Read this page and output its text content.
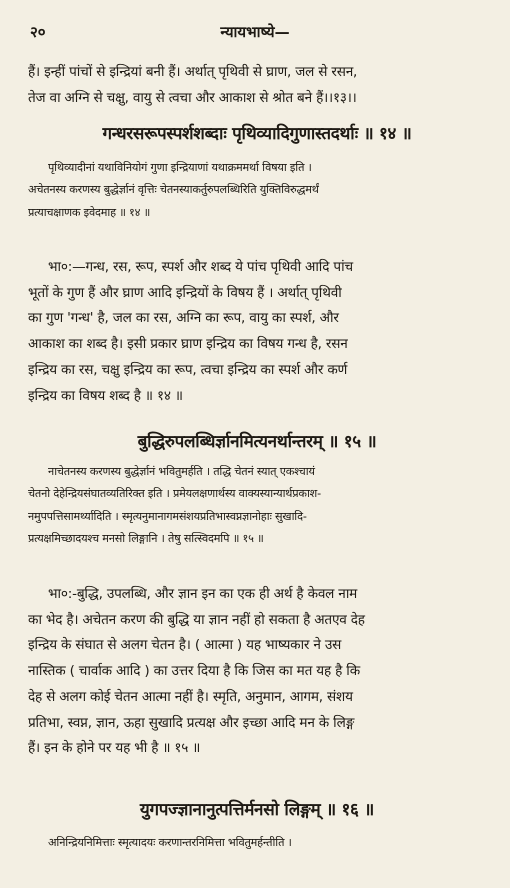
२०	न्यायभाष्ये—
हैं। इन्हीं पांचों से इन्द्रियां बनी हैं। अर्थात् पृथिवी से घ्राण, जल से रसन,
तेज वा अग्नि से चक्षु, वायु से त्वचा और आकाश से श्रोत बने हैं।।१३।।
गन्धरसरूपस्पर्शशब्दाः पृथिव्यादिगुणास्तदर्थाः ॥ १४ ॥
पृथिव्यादीनां यथाविनियोगं गुणा इन्द्रियाणां यथाक्रममर्था विषया इति ।
अचेतनस्य करणस्य बुद्धेर्ज्ञानं वृत्तिः चेतनस्याकर्तुरुपलब्धिरिति युक्तिविरुद्धमर्थं
प्रत्याचक्षाणक इवेदमाह ॥ १४ ॥
भा०:—गन्ध, रस, रूप, स्पर्श और शब्द ये पांच पृथिवी आदि पांच
भूतों के गुण हैं और घ्राण आदि इन्द्रियों के विषय हैं । अर्थात् पृथिवी
का गुण 'गन्ध' है, जल का रस, अग्नि का रूप, वायु का स्पर्श, और
आकाश का शब्द है। इसी प्रकार घ्राण इन्द्रिय का विषय गन्ध है, रसन
इन्द्रिय का रस, चक्षु इन्द्रिय का रूप, त्वचा इन्द्रिय का स्पर्श और कर्ण
इन्द्रिय का विषय शब्द है ॥ १४ ॥
बुद्धिरुपलब्धिर्ज्ञानमित्यनर्थान्तरम् ॥ १५ ॥
नाचेतनस्य करणस्य बुद्धेर्ज्ञानं भवितुमर्हति । तद्धि चेतनं स्यात् एकश्चायं
चेतनो देहेन्द्रियसंघातव्यतिरिक्त इति । प्रमेयलक्षणार्थस्य वाक्यस्यान्यार्थप्रकाश-
नमुपपत्तिसामर्थ्यादिति । स्मृत्यनुमानागमसंशयप्रतिभास्वप्नज्ञानोहाः सुखादि-
प्रत्यक्षमिच्छादयश्च मनसो लिङ्गानि । तेषु सत्स्विदमपि ॥ १५ ॥
भा०:-बुद्धि, उपलब्धि, और ज्ञान इन का एक ही अर्थ है केवल नाम
का भेद है। अचेतन करण की बुद्धि या ज्ञान नहीं हो सकता है अतएव देह
इन्द्रिय के संघात से अलग चेतन है। ( आत्मा ) यह भाष्यकार ने उस
नास्तिक ( चार्वाक आदि ) का उत्तर दिया है कि जिस का मत यह है कि
देह से अलग कोई चेतन आत्मा नहीं है। स्मृति, अनुमान, आगम, संशय
प्रतिभा, स्वप्न, ज्ञान, ऊहा सुखादि प्रत्यक्ष और इच्छा आदि मन के लिङ्ग
हैं। इन के होने पर यह भी है ॥ १५ ॥
युगपज्ज्ञानानुत्पत्तिर्मनसो लिङ्गम् ॥ १६ ॥
अनिन्द्रियनिमित्ताः स्मृत्यादयः करणान्तरनिमित्ता भवितुमर्हन्तीति ।
